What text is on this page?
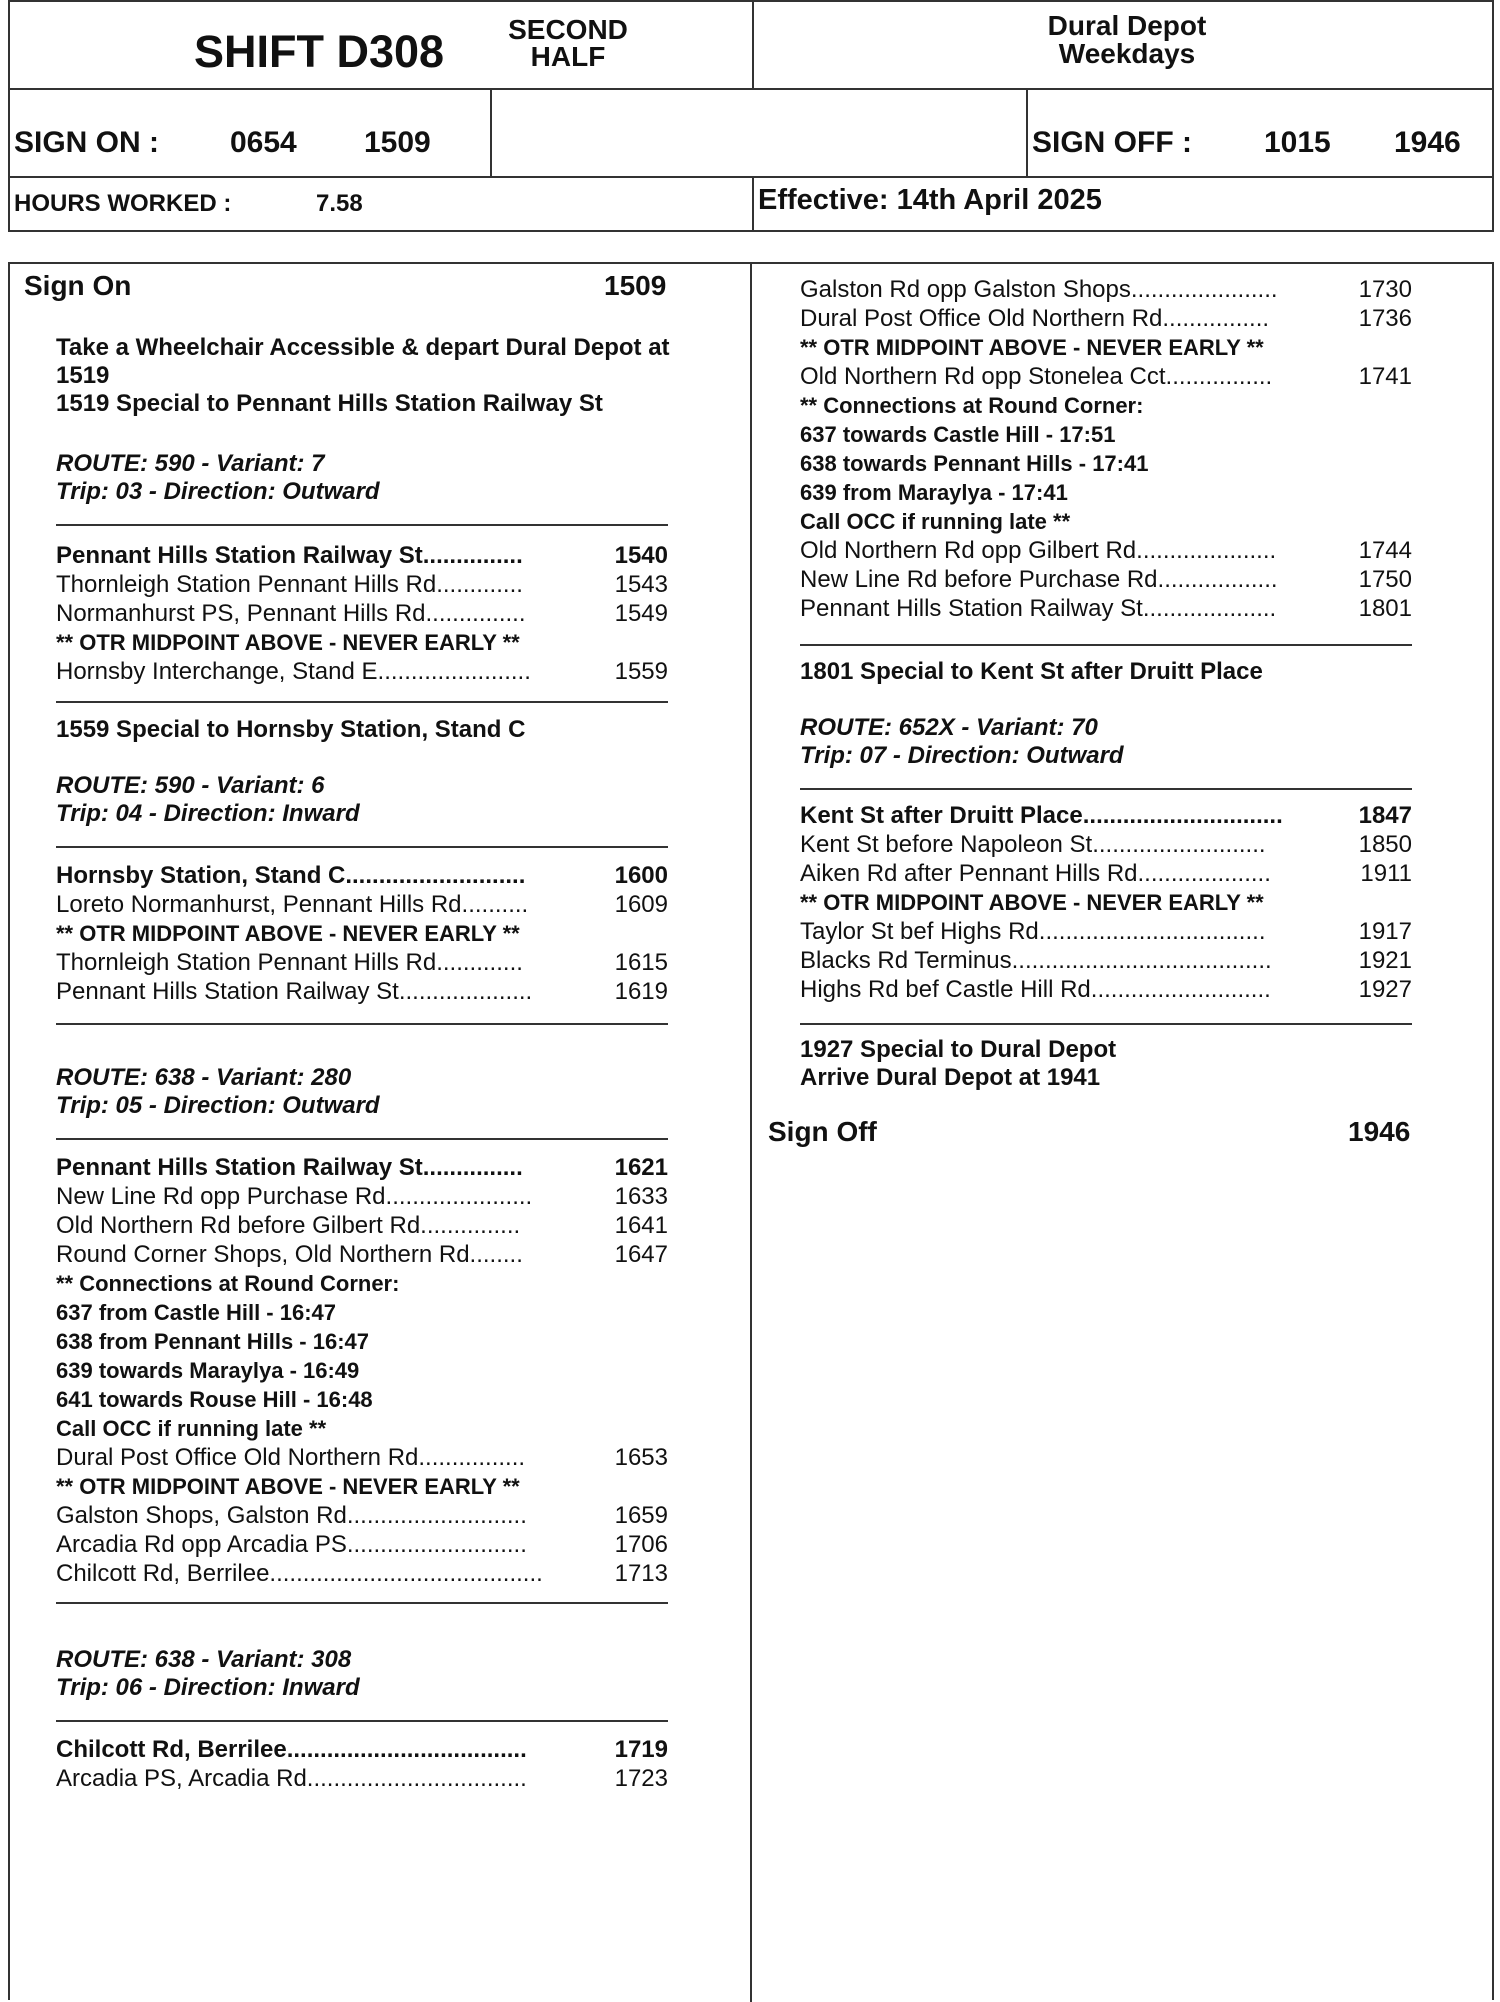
SHIFT D308	SECOND
HALF
Dural Depot
Weekdays
SIGN ON : 0654 1509	SIGN OFF : 1015 1946
HOURS WORKED :	7.58	Effective: 14th April 2025
Sign On	1509
Take a Wheelchair Accessible & depart Dural Depot at
1519
1519 Special to Pennant Hills Station Railway St
ROUTE: 590 - Variant: 7
Trip: 03 - Direction: Outward
Pennant Hills Station Railway St...............	1540
Thornleigh Station Pennant Hills Rd.............	1543
Normanhurst PS, Pennant Hills Rd...............	1549
** OTR MIDPOINT ABOVE - NEVER EARLY **
Hornsby Interchange, Stand E.......................	1559
1559 Special to Hornsby Station, Stand C
ROUTE: 590 - Variant: 6
Trip: 04 - Direction: Inward
Hornsby Station, Stand C...........................	1600
Loreto Normanhurst, Pennant Hills Rd..........	1609
** OTR MIDPOINT ABOVE - NEVER EARLY **
Thornleigh Station Pennant Hills Rd.............	1615
Pennant Hills Station Railway St....................	1619
ROUTE: 638 - Variant: 280
Trip: 05 - Direction: Outward
Pennant Hills Station Railway St...............	1621
New Line Rd opp Purchase Rd......................	1633
Old Northern Rd before Gilbert Rd...............	1641
Round Corner Shops, Old Northern Rd........	1647
** Connections at Round Corner:
637 from Castle Hill - 16:47
638 from Pennant Hills - 16:47
639 towards Maraylya - 16:49
641 towards Rouse Hill - 16:48
Call OCC if running late **
Dural Post Office Old Northern Rd................	1653
** OTR MIDPOINT ABOVE - NEVER EARLY **
Galston Shops, Galston Rd...........................	1659
Arcadia Rd opp Arcadia PS...........................	1706
Chilcott Rd, Berrilee.........................................	1713
ROUTE: 638 - Variant: 308
Trip: 06 - Direction: Inward
Chilcott Rd, Berrilee....................................	1719
Arcadia PS, Arcadia Rd.................................	1723
Galston Rd opp Galston Shops......................	1730
Dural Post Office Old Northern Rd................	1736
** OTR MIDPOINT ABOVE - NEVER EARLY **
Old Northern Rd opp Stonelea Cct................	1741
** Connections at Round Corner:
637 towards Castle Hill - 17:51
638 towards Pennant Hills - 17:41
639 from Maraylya - 17:41
Call OCC if running late **
Old Northern Rd opp Gilbert Rd.....................	1744
New Line Rd before Purchase Rd..................	1750
Pennant Hills Station Railway St....................	1801
1801 Special to Kent St after Druitt Place
ROUTE: 652X - Variant: 70
Trip: 07 - Direction: Outward
Kent St after Druitt Place..............................	1847
Kent St before Napoleon St..........................	1850
Aiken Rd after Pennant Hills Rd....................	1911
** OTR MIDPOINT ABOVE - NEVER EARLY **
Taylor St bef Highs Rd..................................	1917
Blacks Rd Terminus.......................................	1921
Highs Rd bef Castle Hill Rd...........................	1927
1927 Special to Dural Depot
Arrive Dural Depot at 1941
Sign Off	1946
